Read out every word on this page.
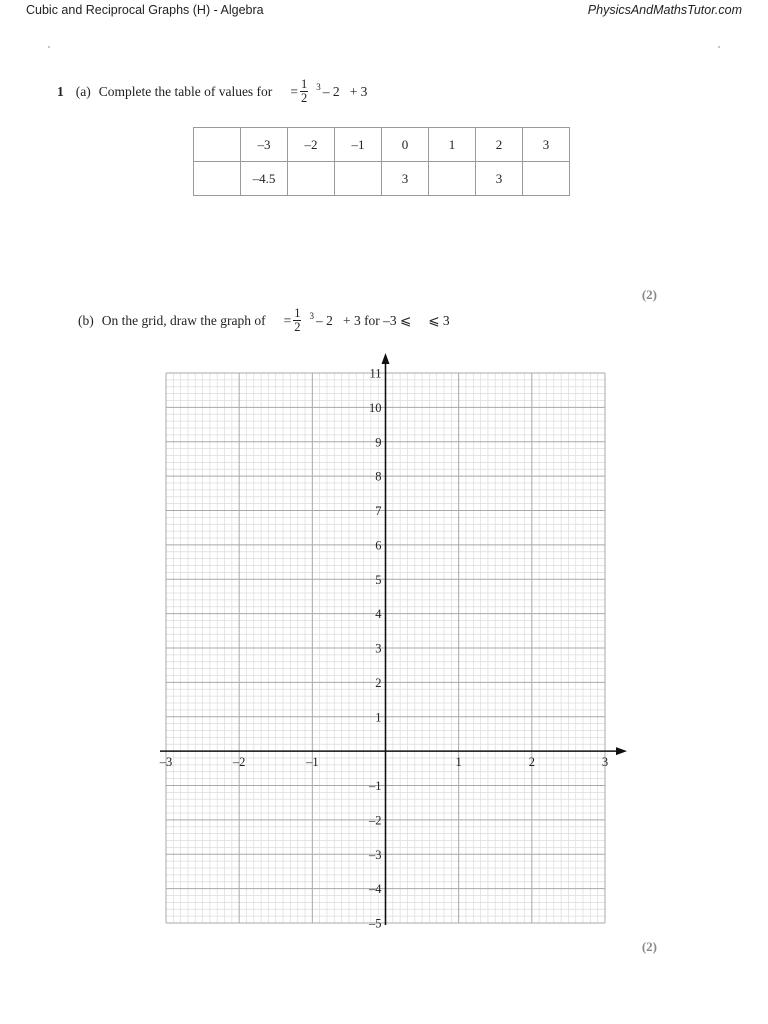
Cubic and Reciprocal Graphs (H) - Algebra	PhysicsAndMathsTutor.com
1 (a) Complete the table of values for = $\frac{1}{2} 3 - 2 + 3$
	–3	–2	–1	0	1	2	3
	–4.5			3		3	
(2)
(b) On the grid, draw the graph of = $\frac{1}{2} 3 - 2 + 3$ for –3 ⩽     ⩽ 3
–3	–2	–1	1	2	3
–5
–4
–3
–2
–1
1
2
3
4
5
6
7
8
9
10
11
(2)
